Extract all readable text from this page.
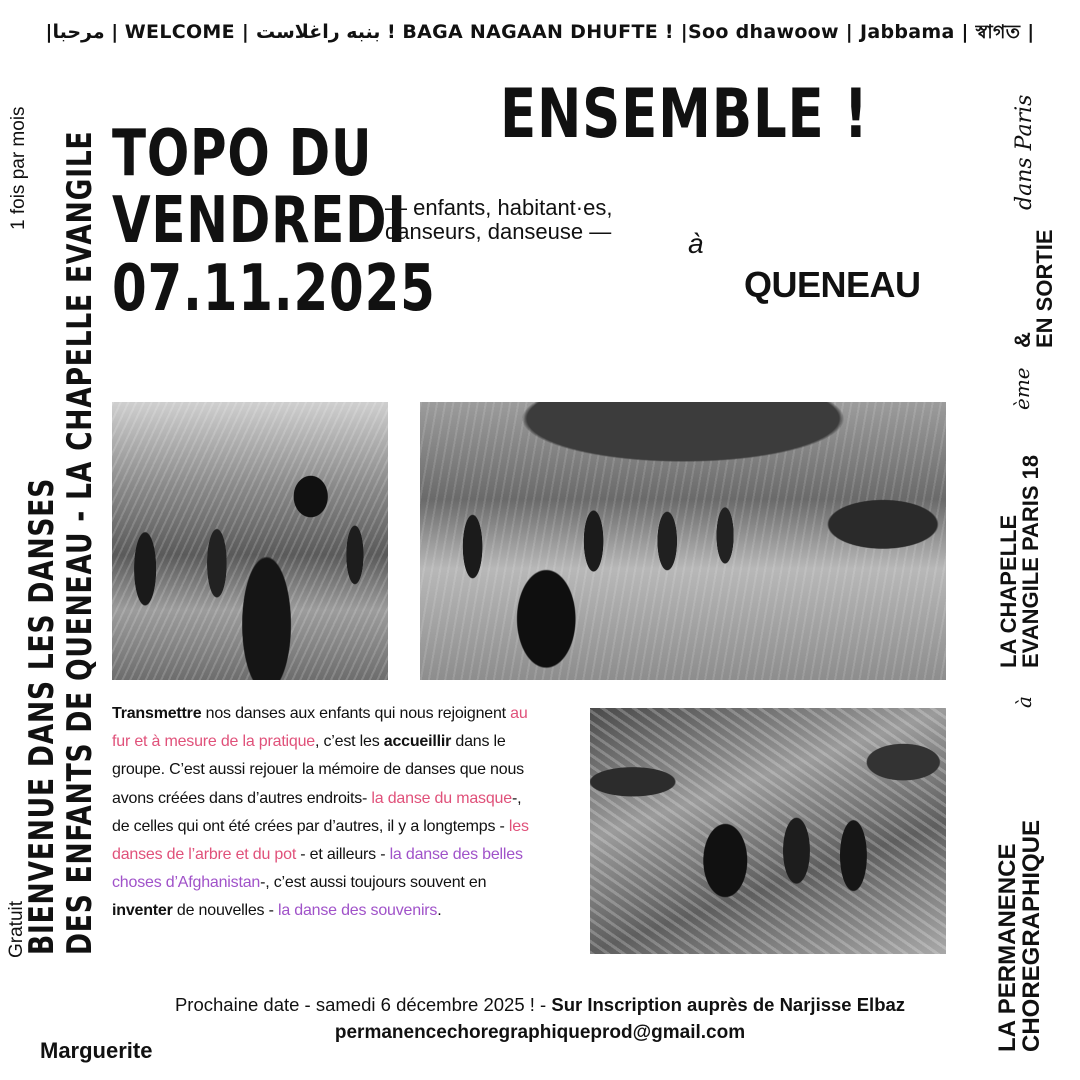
|مرحبا | WELCOME | بنبه راغلاست ! BAGA NAGAAN DHUFTE ! |Soo dhawoow | Jabbama | স্বাগত |
TOPO DU
VENDREDI
07.11.2025
ENSEMBLE !
— enfants, habitant·es,
danseurs, danseuse —	à
QUENEAU
1 fois par mois
Gratuit
BIENVENUE DANS LES DANSES
DES ENFANTS DE QUENEAU - LA CHAPELLE EVANGILE	dans Paris
&
EN SORTIE
ème
LA CHAPELLE
EVANGILE PARIS 18
à
LA PERMANENCE
CHOREGRAPHIQUE
Transmettre nos danses aux enfants qui nous rejoignent au fur et à mesure de la pratique, c’est les accueillir dans le groupe. C’est aussi rejouer la mémoire de danses que nous avons créées dans d’autres endroits- la danse du masque-, de celles qui ont été crées par d’autres, il y a longtemps - les danses de l’arbre et du pot - et ailleurs - la danse des belles choses d’Afghanistan-, c’est aussi toujours souvent en inventer de nouvelles - la danse des souvenirs.
Prochaine date - samedi 6 décembre 2025 ! - Sur Inscription auprès de Narjisse Elbaz
permanencechoregraphiqueprod@gmail.com
Marguerite
